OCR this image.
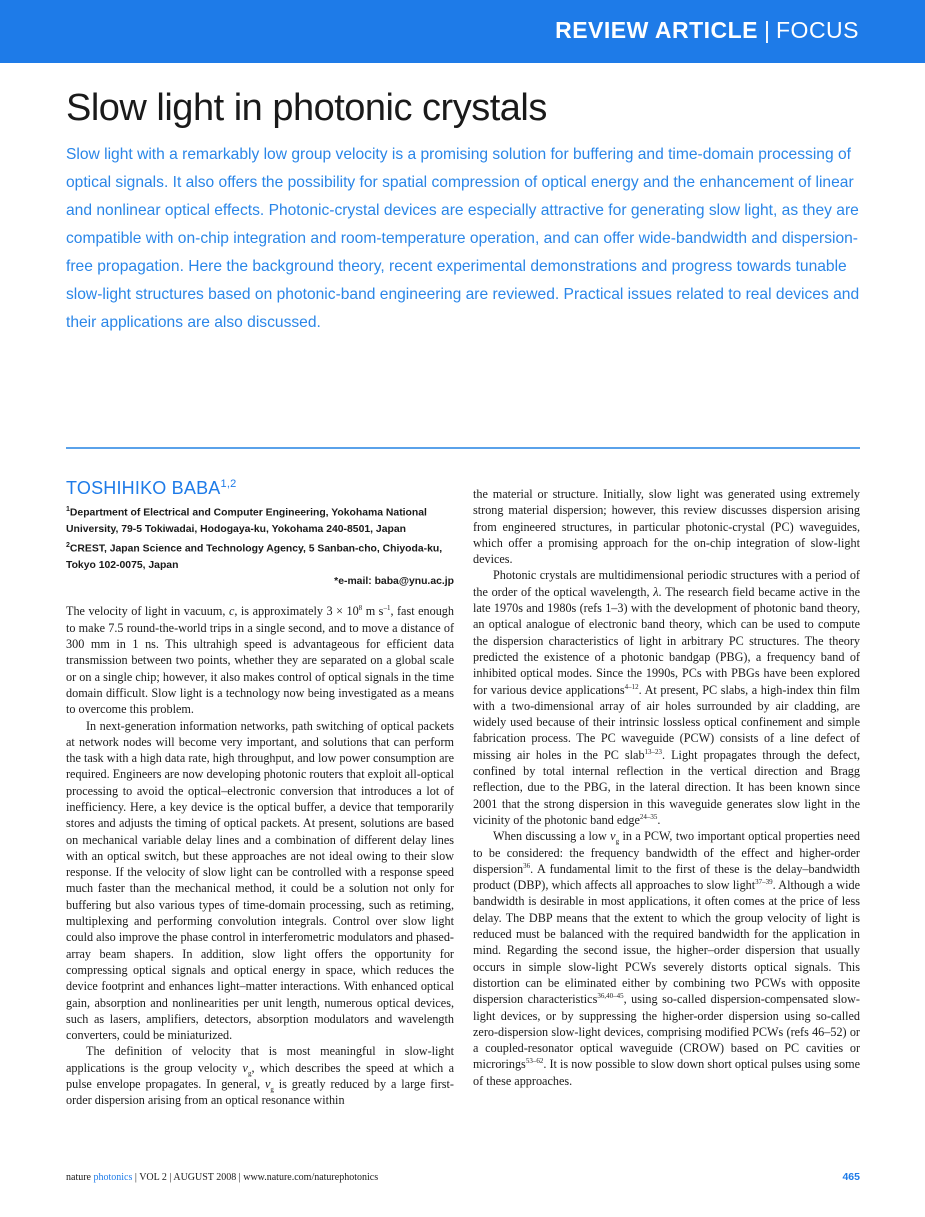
REVIEW ARTICLE | FOCUS
Slow light in photonic crystals

Slow light with a remarkably low group velocity is a promising solution for buffering and time-domain processing of optical signals. It also offers the possibility for spatial compression of optical energy and the enhancement of linear and nonlinear optical effects. Photonic-crystal devices are especially attractive for generating slow light, as they are compatible with on-chip integration and room-temperature operation, and can offer wide-bandwidth and dispersion-free propagation. Here the background theory, recent experimental demonstrations and progress towards tunable slow-light structures based on photonic-band engineering are reviewed. Practical issues related to real devices and their applications are also discussed.

TOSHIHIKO BABA$^{1,2}$

$^1$Department of Electrical and Computer Engineering, Yokohama National University, 79-5 Tokiwadai, Hodogaya-ku, Yokohama 240-8501, Japan

$^2$CREST, Japan Science and Technology Agency, 5 Sanban-cho, Chiyoda-ku, Tokyo 102-0075, Japan

*e-mail: baba@ynu.ac.jp

The velocity of light in vacuum, c, is approximately $3 \times 10^8$ m $s^{-1}$, fast enough to make 7.5 round-the-world trips in a single second, and to move a distance of 300 mm in 1 ns. This ultrahigh speed is advantageous for efficient data transmission between two points, whether they are separated on a global scale or on a single chip; however, it also makes control of optical signals in the time domain difficult. Slow light is a technology now being investigated as a means to overcome this problem.

In next-generation information networks, path switching of optical packets at network nodes will become very important, and solutions that can perform the task with a high data rate, high throughput, and low power consumption are required. Engineers are now developing photonic routers that exploit all-optical processing to avoid the optical–electronic conversion that introduces a lot of inefficiency. Here, a key device is the optical buffer, a device that temporarily stores and adjusts the timing of optical packets. At present, solutions are based on mechanical variable delay lines and a combination of different delay lines with an optical switch, but these approaches are not ideal owing to their slow response. If the velocity of slow light can be controlled with a response speed much faster than the mechanical method, it could be a solution not only for buffering but also various types of time-domain processing, such as retiming, multiplexing and performing convolution integrals. Control over slow light could also improve the phase control in interferometric modulators and phased-array beam shapers. In addition, slow light offers the opportunity for compressing optical signals and optical energy in space, which reduces the device footprint and enhances light–matter interactions. With enhanced optical gain, absorption and nonlinearities per unit length, numerous optical devices, such as lasers, amplifiers, detectors, absorption modulators and wavelength converters, could be miniaturized.

The definition of velocity that is most meaningful in slow-light applications is the group velocity $v_g$, which describes the speed at which a pulse envelope propagates. In general, $v_g$ is greatly reduced by a large first-order dispersion arising from an optical resonance within

the material or structure. Initially, slow light was generated using extremely strong material dispersion; however, this review discusses dispersion arising from engineered structures, in particular photonic-crystal (PC) waveguides, which offer a promising approach for the on-chip integration of slow-light devices.

Photonic crystals are multidimensional periodic structures with a period of the order of the optical wavelength, λ. The research field became active in the late 1970s and 1980s (refs 1–3) with the development of photonic band theory, an optical analogue of electronic band theory, which can be used to compute the dispersion characteristics of light in arbitrary PC structures. The theory predicted the existence of a photonic bandgap (PBG), a frequency band of inhibited optical modes. Since the 1990s, PCs with PBGs have been explored for various device applications$^{4-12}$. At present, PC slabs, a high-index thin film with a two-dimensional array of air holes surrounded by air cladding, are widely used because of their intrinsic lossless optical confinement and simple fabrication process. The PC waveguide (PCW) consists of a line defect of missing air holes in the PC slab$^{13-23}$. Light propagates through the defect, confined by total internal reflection in the vertical direction and Bragg reflection, due to the PBG, in the lateral direction. It has been known since 2001 that the strong dispersion in this waveguide generates slow light in the vicinity of the photonic band edge$^{24-35}$.

When discussing a low $v_g$ in a PCW, two important optical properties need to be considered: the frequency bandwidth of the effect and higher-order dispersion$^{36}$. A fundamental limit to the first of these is the delay–bandwidth product (DBP), which affects all approaches to slow light$^{37-39}$. Although a wide bandwidth is desirable in most applications, it often comes at the price of less delay. The DBP means that the extent to which the group velocity of light is reduced must be balanced with the required bandwidth for the application in mind. Regarding the second issue, the higher–order dispersion that usually occurs in simple slow-light PCWs severely distorts optical signals. This distortion can be eliminated either by combining two PCWs with opposite dispersion characteristics$^{36,40-45}$, using so-called dispersion-compensated slow-light devices, or by suppressing the higher-order dispersion using so-called zero-dispersion slow-light devices, comprising modified PCWs (refs 46–52) or a coupled-resonator optical waveguide (CROW) based on PC cavities or microrings$^{53-62}$. It is now possible to slow down short optical pulses using some of these approaches.

nature photonics | VOL 2 | AUGUST 2008 | www.nature.com/naturephotonics	465
